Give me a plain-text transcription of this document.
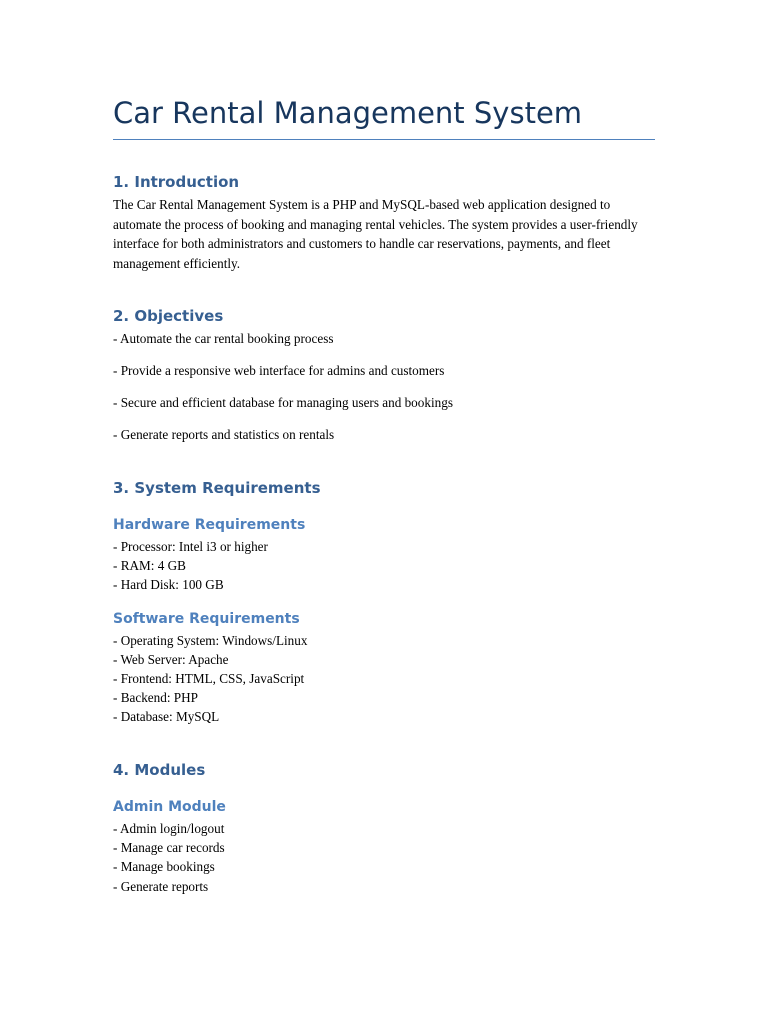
Car Rental Management System
1. Introduction

The Car Rental Management System is a PHP and MySQL-based web application designed to automate the process of booking and managing rental vehicles. The system provides a user-friendly interface for both administrators and customers to handle car reservations, payments, and fleet management efficiently.

2. Objectives

- Automate the car rental booking process

- Provide a responsive web interface for admins and customers

- Secure and efficient database for managing users and bookings

- Generate reports and statistics on rentals

3. System Requirements
Hardware Requirements

- Processor: Intel i3 or higher

- RAM: 4 GB

- Hard Disk: 100 GB

Software Requirements

- Operating System: Windows/Linux

- Web Server: Apache

- Frontend: HTML, CSS, JavaScript

- Backend: PHP

- Database: MySQL

4. Modules
Admin Module

- Admin login/logout

- Manage car records

- Manage bookings

- Generate reports
